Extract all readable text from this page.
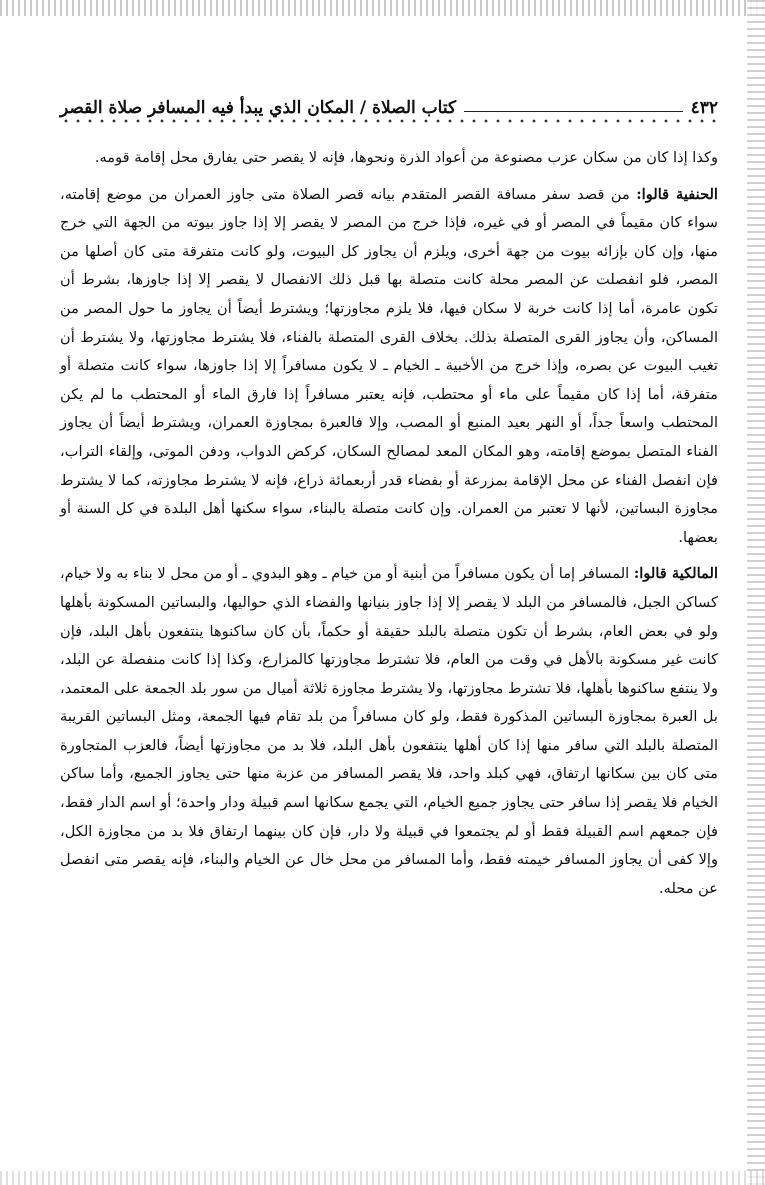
٤٣٢
كتاب الصلاة / المكان الذي يبدأ فيه المسافر صلاة القصر

وكذا إذا كان من سكان عزب مصنوعة من أعواد الذرة ونحوها، فإنه لا يقصر حتى يفارق محل إقامة قومه.

الحنفية قالوا: من قصد سفر مسافة القصر المتقدم بيانه قصر الصلاة متى جاوز العمران من موضع إقامته، سواء كان مقيماً في المصر أو في غيره، فإذا خرج من المصر لا يقصر إلا إذا جاوز بيوته من الجهة التي خرج منها، وإن كان بإزائه بيوت من جهة أخرى، ويلزم أن يجاوز كل البيوت، ولو كانت متفرقة متى كان أصلها من المصر، فلو انفصلت عن المصر محلة كانت متصلة بها قبل ذلك الانفصال لا يقصر إلا إذا جاوزها، بشرط أن تكون عامرة، أما إذا كانت خربة لا سكان فيها، فلا يلزم مجاوزتها؛ ويشترط أيضاً أن يجاوز ما حول المصر من المساكن، وأن يجاوز القرى المتصلة بذلك. بخلاف القرى المتصلة بالفناء، فلا يشترط مجاوزتها، ولا يشترط أن تغيب البيوت عن بصره، وإذا خرج من الأخبية ـ الخيام ـ لا يكون مسافراً إلا إذا جاوزها، سواء كانت متصلة أو متفرقة، أما إذا كان مقيماً على ماء أو محتطب، فإنه يعتبر مسافراً إذا فارق الماء أو المحتطب ما لم يكن المحتطب واسعاً جداً، أو النهر بعيد المنبع أو المصب، وإلا فالعبرة بمجاوزة العمران، ويشترط أيضاً أن يجاوز الفناء المتصل بموضع إقامته، وهو المكان المعد لمصالح السكان، كركض الدواب، ودفن الموتى، وإلقاء التراب، فإن انفصل الفناء عن محل الإقامة بمزرعة أو بفضاء قدر أربعمائة ذراع، فإنه لا يشترط مجاوزته، كما لا يشترط مجاوزة البساتين، لأنها لا تعتبر من العمران. وإن كانت متصلة بالبناء، سواء سكنها أهل البلدة في كل السنة أو بعضها.

المالكية قالوا: المسافر إما أن يكون مسافراً من أبنية أو من خيام ـ وهو البدوي ـ أو من محل لا بناء به ولا خيام، كساكن الجبل، فالمسافر من البلد لا يقصر إلا إذا جاوز بنيانها والفضاء الذي حواليها، والبساتين المسكونة بأهلها ولو في بعض العام، بشرط أن تكون متصلة بالبلد حقيقة أو حكماً، بأن كان ساكنوها ينتفعون بأهل البلد، فإن كانت غير مسكونة بالأهل في وقت من العام، فلا تشترط مجاوزتها كالمزارع، وكذا إذا كانت منفصلة عن البلد، ولا ينتفع ساكنوها بأهلها، فلا تشترط مجاوزتها، ولا يشترط مجاوزة ثلاثة أميال من سور بلد الجمعة على المعتمد، بل العبرة بمجاوزة البساتين المذكورة فقط، ولو كان مسافراً من بلد تقام فيها الجمعة، ومثل البساتين القريبة المتصلة بالبلد التي سافر منها إذا كان أهلها ينتفعون بأهل البلد، فلا بد من مجاوزتها أيضاً، فالعزب المتجاورة متى كان بين سكانها ارتفاق، فهي كبلد واحد، فلا يقصر المسافر من عزبة منها حتى يجاوز الجميع، وأما ساكن الخيام فلا يقصر إذا سافر حتى يجاوز جميع الخيام، التي يجمع سكانها اسم قبيلة ودار واحدة؛ أو اسم الدار فقط، فإن جمعهم اسم القبيلة فقط أو لم يجتمعوا في قبيلة ولا دار، فإن كان بينهما ارتفاق فلا بد من مجاوزة الكل، وإلا كفى أن يجاوز المسافر خيمته فقط، وأما المسافر من محل خال عن الخيام والبناء، فإنه يقصر متى انفصل عن محله.
